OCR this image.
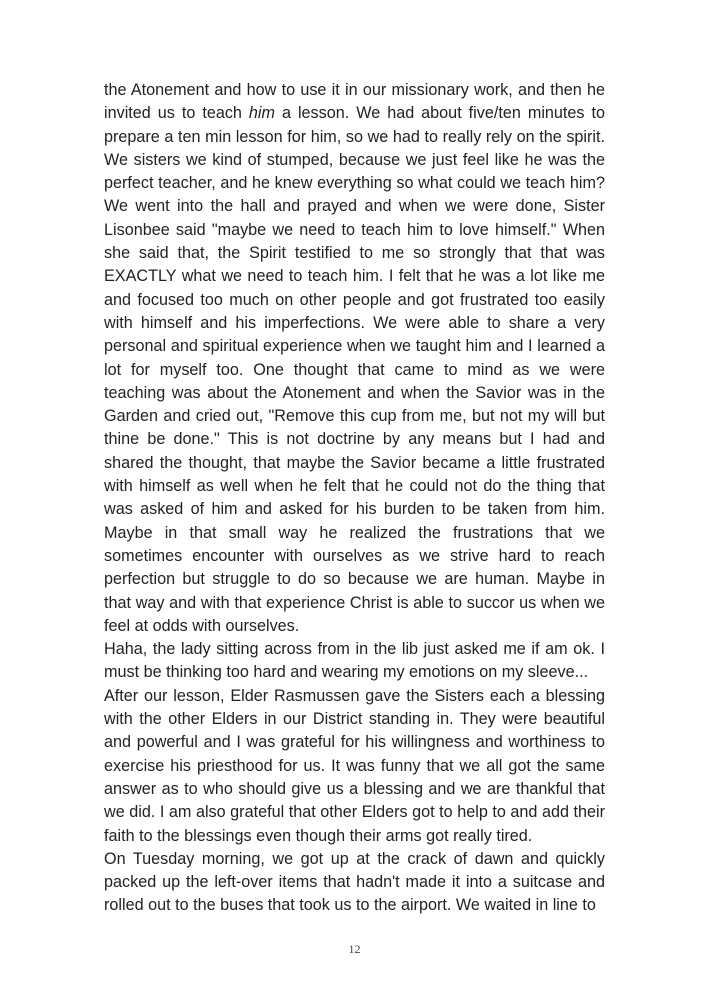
the Atonement and how to use it in our missionary work, and then he invited us to teach him a lesson. We had about five/ten minutes to prepare a ten min lesson for him, so we had to really rely on the spirit. We sisters we kind of stumped, because we just feel like he was the perfect teacher, and he knew everything so what could we teach him? We went into the hall and prayed and when we were done, Sister Lisonbee said "maybe we need to teach him to love himself." When she said that, the Spirit testified to me so strongly that that was EXACTLY what we need to teach him. I felt that he was a lot like me and focused too much on other people and got frustrated too easily with himself and his imperfections. We were able to share a very personal and spiritual experience when we taught him and I learned a lot for myself too. One thought that came to mind as we were teaching was about the Atonement and when the Savior was in the Garden and cried out, "Remove this cup from me, but not my will but thine be done." This is not doctrine by any means but I had and shared the thought, that maybe the Savior became a little frustrated with himself as well when he felt that he could not do the thing that was asked of him and asked for his burden to be taken from him. Maybe in that small way he realized the frustrations that we sometimes encounter with ourselves as we strive hard to reach perfection but struggle to do so because we are human. Maybe in that way and with that experience Christ is able to succor us when we feel at odds with ourselves.

Haha, the lady sitting across from in the lib just asked me if am ok. I must be thinking too hard and wearing my emotions on my sleeve...

After our lesson, Elder Rasmussen gave the Sisters each a blessing with the other Elders in our District standing in. They were beautiful and powerful and I was grateful for his willingness and worthiness to exercise his priesthood for us. It was funny that we all got the same answer as to who should give us a blessing and we are thankful that we did. I am also grateful that other Elders got to help to and add their faith to the blessings even though their arms got really tired.

On Tuesday morning, we got up at the crack of dawn and quickly packed up the left-over items that hadn't made it into a suitcase and rolled out to the buses that took us to the airport. We waited in line to

12
